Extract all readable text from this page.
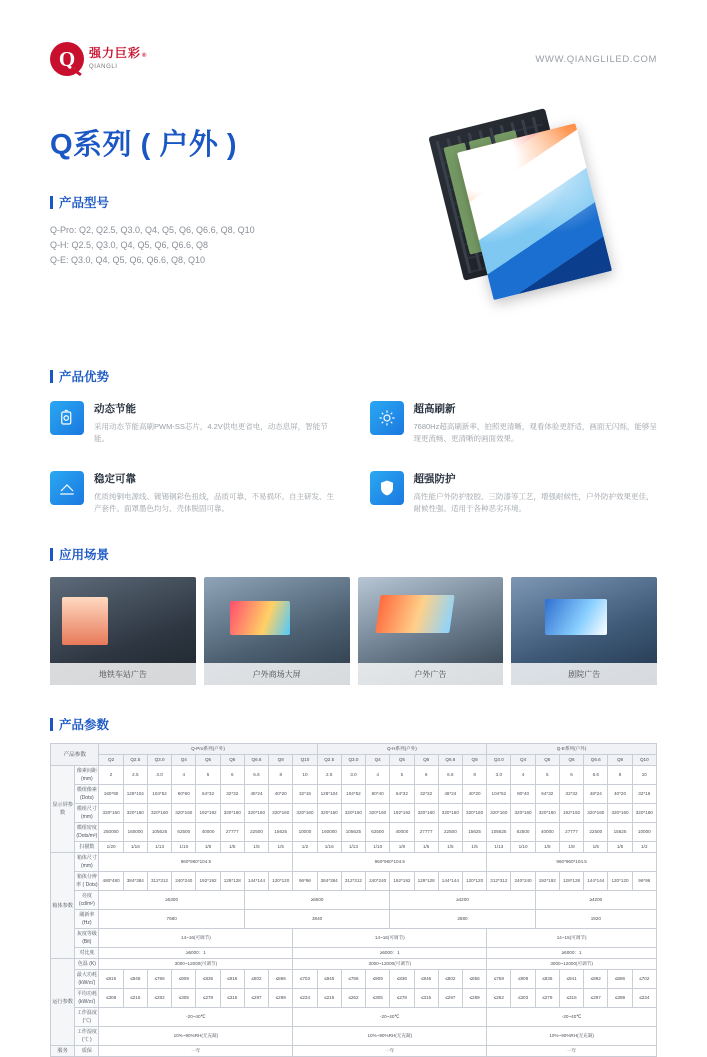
Q	强力巨彩®
QIANGLI
WWW.QIANGLILED.COM
Q系列 ( 户外 )
产品型号
Q-Pro: Q2, Q2.5, Q3.0, Q4, Q5, Q6, Q6.6, Q8, Q10
Q-H: Q2.5, Q3.0, Q4, Q5, Q6, Q6.6, Q8
Q-E: Q3.0, Q4, Q5, Q6, Q6.6, Q8, Q10
产品优势
动态节能

采用动态节能高刷PWM-SS芯片，4.2V供电更省电，动态息屏，智能节能。

超高刷新

7680Hz超高刷新率，拍照更清晰，观看体验更舒适，画面无闪烁，能够呈现更流畅、更清晰的画面效果。

稳定可靠

优质纯铜电源线、镀锡铜彩色扭线，品质可靠，不易损坏。自主研发、生产套件。面罩墨色均匀、壳体脱固可靠。

超强防护

高性能户外防护胶胶、三防漆等工艺，增强耐候性，户外防护效果更佳，耐候性强。适用于各种恶劣环境。

应用场景
地铁车站广告	户外商场大屏	户外广告	剧院广告
产品参数
产品参数		Q-Pro系列(户外)									Q-H系列(户外)							Q-E系列(户外)						
		Q2	Q2.5	Q3.0	Q4	Q5	Q6	Q6.6	Q8	Q10	Q2.5	Q3.0	Q4	Q5	Q6	Q6.6	Q8	Q3.0	Q4	Q5	Q6	Q6.6	Q8	Q10
显示屏参数	像素间距(mm)	2	2.5	3.0	4	5	6	6.6	8	10	2.5	3.0	4	5	6	6.6	8	3.0	4	5	6	6.6	8	10
	模组像素(Dots)	160*90	128*104	104*52	60*60	64*32	32*32	48*24	40*20	32*16	128*104	104*52	80*40	64*32	32*32	48*24	40*20	104*52	80*40	64*32	32*32	48*24	40*20	32*16
	模组尺寸(mm)	320*160	320*160	320*160	320*160	192*192	320*160	320*160	320*160	320*160	320*160	320*160	320*160	192*192	320*160	320*160	320*160	320*160	320*160	320*160	192*192	320*160	320*160	320*160
	模组密度(Dots/m²)	250000	160000	105625	62500	40000	27777	22500	15625	10000	160000	105625	62500	40000	27777	22500	15625	105625	62500	40000	27777	22500	15625	10000
	扫描数	1/20	1/16	1/13	1/10	1/8	1/5	1/5	1/5	1/2	1/16	1/13	1/10	1/8	1/5	1/5	1/5	1/13	1/10	1/8	1/8	1/5	1/5	1/2
箱体参数	箱体尺寸 (mm)	960*960*104.5								960*960*104.5								960*960*104.5						
	箱体分辨率 ( Dots)	480*480	384*384	312*312	240*240	192*192	128*128	144*144	120*120	96*96	384*384	312*312	240*240	192*192	128*128	144*144	120*120	312*312	240*240	192*192	128*128	144*144	120*120	96*96
	亮度 (cd/m²)	≥5300						≥5500						≥4200						≥4200				
	刷新率 (Hz)	7680						3840						2880						1920				
	灰度等级 (Bit)	14~16(可调节)								14~16(可调节)								14~15(可调节)						
	对比度	≥5000：1								≥5000：1								≥5000：1						
运行参数	色温 (K)	3000~12000(可调节)								3000~12000(可调节)								3000~12000(可调节)						
	最大功耗(kW/㎡)	≤915	≤848	≤786	≤909	≤836	≤916	≤802	≤866	≤703	≤845	≤786	≤909	≤836	≤946	≤802	≤856	≤759	≤909	≤836	≤941	≤892	≤886	≤702
	平均功耗(kW/㎡)	≤308	≤215	≤282	≤305	≤278	≤315	≤297	≤299	≤234	≤215	≤262	≤305	≤278	≤315	≤297	≤289	≤262	≤303	≤279	≤315	≤297	≤389	≤234
	工作温度 (℃)	-20~40℃								-20~40℃								-20~40℃						
	工作湿度 (℃ )	10%~90%RH(无充凝)								10%~90%RH(无充凝)								10%~90%RH(无充凝)						
服务	质保	一年								一年								一年						
